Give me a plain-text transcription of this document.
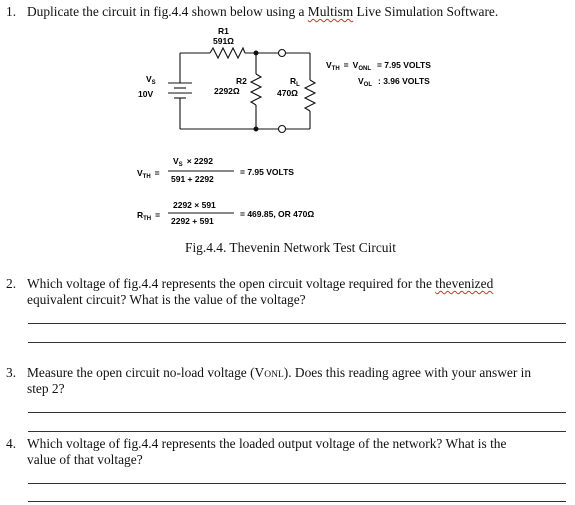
1. Duplicate the circuit in fig.4.4 shown below using a Multism Live Simulation Software.
R1
591Ω
R2
2292Ω
$R_L$
470Ω
$V_S$
10V
$V_{TH} = V_{ONL} = 7.95$ VOLTS
$V_{OL}$ : 3.96 VOLTS
$V_{TH}$ =
$V_S \times 2292$
591 + 2292
= 7.95 VOLTS
$R_{TH}$ =
2292 × 591
2292 + 591
= 469.85, OR 470Ω
Fig.4.4. Thevenin Network Test Circuit
2. Which voltage of fig.4.4 represents the open circuit voltage required for the thevenized
equivalent circuit? What is the value of the voltage?
3. Measure the open circuit no-load voltage (VONL). Does this reading agree with your answer in
step 2?
4. Which voltage of fig.4.4 represents the loaded output voltage of the network? What is the
value of that voltage?
